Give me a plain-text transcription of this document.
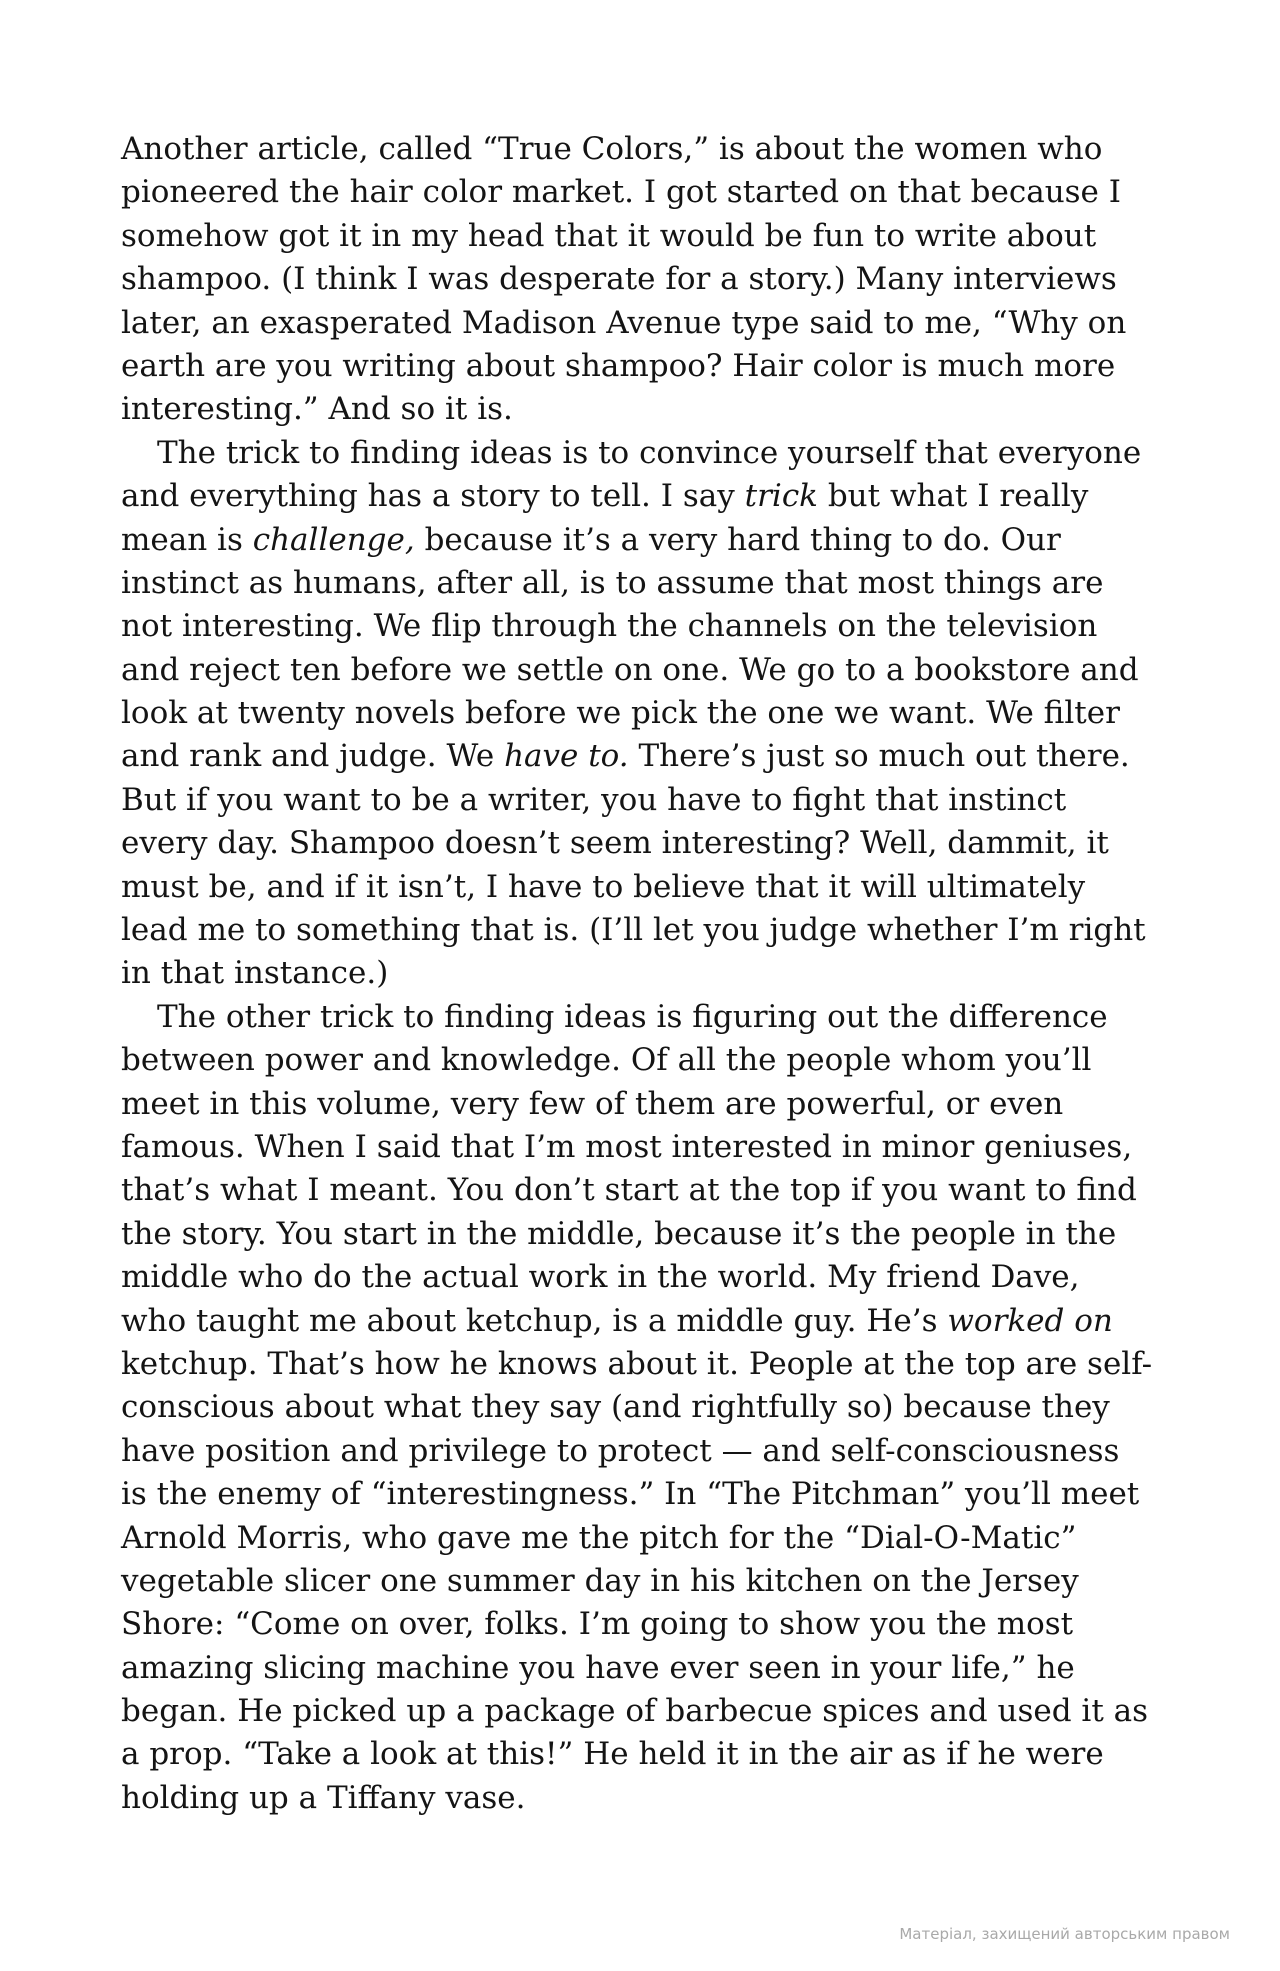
Another article, called “True Colors,” is about the women who
pioneered the hair color market. I got started on that because I
somehow got it in my head that it would be fun to write about
shampoo. (I think I was desperate for a story.) Many interviews
later, an exasperated Madison Avenue type said to me, “Why on
earth are you writing about shampoo? Hair color is much more
interesting.” And so it is.
The trick to finding ideas is to convince yourself that everyone
and everything has a story to tell. I say trick but what I really
mean is challenge, because it’s a very hard thing to do. Our
instinct as humans, after all, is to assume that most things are
not interesting. We flip through the channels on the television
and reject ten before we settle on one. We go to a bookstore and
look at twenty novels before we pick the one we want. We filter
and rank and judge. We have to. There’s just so much out there.
But if you want to be a writer, you have to fight that instinct
every day. Shampoo doesn’t seem interesting? Well, dammit, it
must be, and if it isn’t, I have to believe that it will ultimately
lead me to something that is. (I’ll let you judge whether I’m right
in that instance.)
The other trick to finding ideas is figuring out the difference
between power and knowledge. Of all the people whom you’ll
meet in this volume, very few of them are powerful, or even
famous. When I said that I’m most interested in minor geniuses,
that’s what I meant. You don’t start at the top if you want to find
the story. You start in the middle, because it’s the people in the
middle who do the actual work in the world. My friend Dave,
who taught me about ketchup, is a middle guy. He’s worked on
ketchup. That’s how he knows about it. People at the top are self-
conscious about what they say (and rightfully so) because they
have position and privilege to protect — and self-consciousness
is the enemy of “interestingness.” In “The Pitchman” you’ll meet
Arnold Morris, who gave me the pitch for the “Dial-O-Matic”
vegetable slicer one summer day in his kitchen on the Jersey
Shore: “Come on over, folks. I’m going to show you the most
amazing slicing machine you have ever seen in your life,” he
began. He picked up a package of barbecue spices and used it as
a prop. “Take a look at this!” He held it in the air as if he were
holding up a Tiffany vase.
Матеріал, захищений авторським правом
